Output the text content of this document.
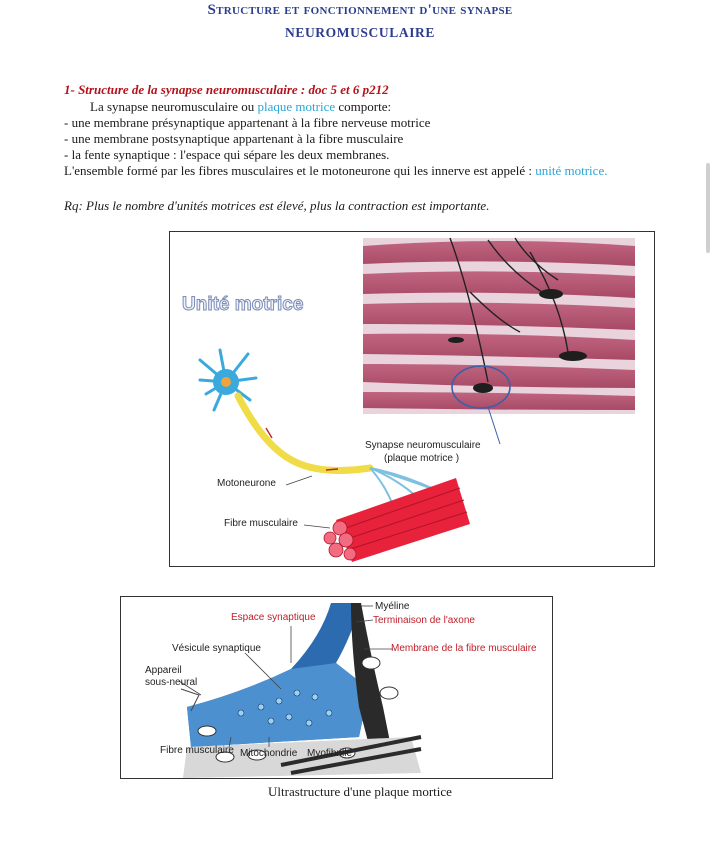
Structure et fonctionnement d'une synapse
NEUROMUSCULAIRE
1- Structure de la synapse neuromusculaire : doc 5 et 6 p212
La synapse neuromusculaire ou plaque motrice comporte:
- une membrane présynaptique appartenant à la fibre nerveuse motrice
- une membrane postsynaptique appartenant à la fibre musculaire
- la fente synaptique : l'espace qui sépare les deux membranes.
L'ensemble formé par les fibres musculaires et le motoneurone qui les innerve est appelé : unité motrice.
Rq: Plus le nombre d'unités motrices est élevé, plus la contraction est importante.
Unité motrice
Synapse neuromusculaire
(plaque motrice )
Motoneurone
Fibre musculaire
Myéline
Terminaison de l'axone
Espace synaptique
Membrane de la fibre musculaire
Vésicule synaptique
Appareil
sous-neural
Fibre musculaire Mitochondrie Myofibrille
Ultrastructure d'une plaque mortice
